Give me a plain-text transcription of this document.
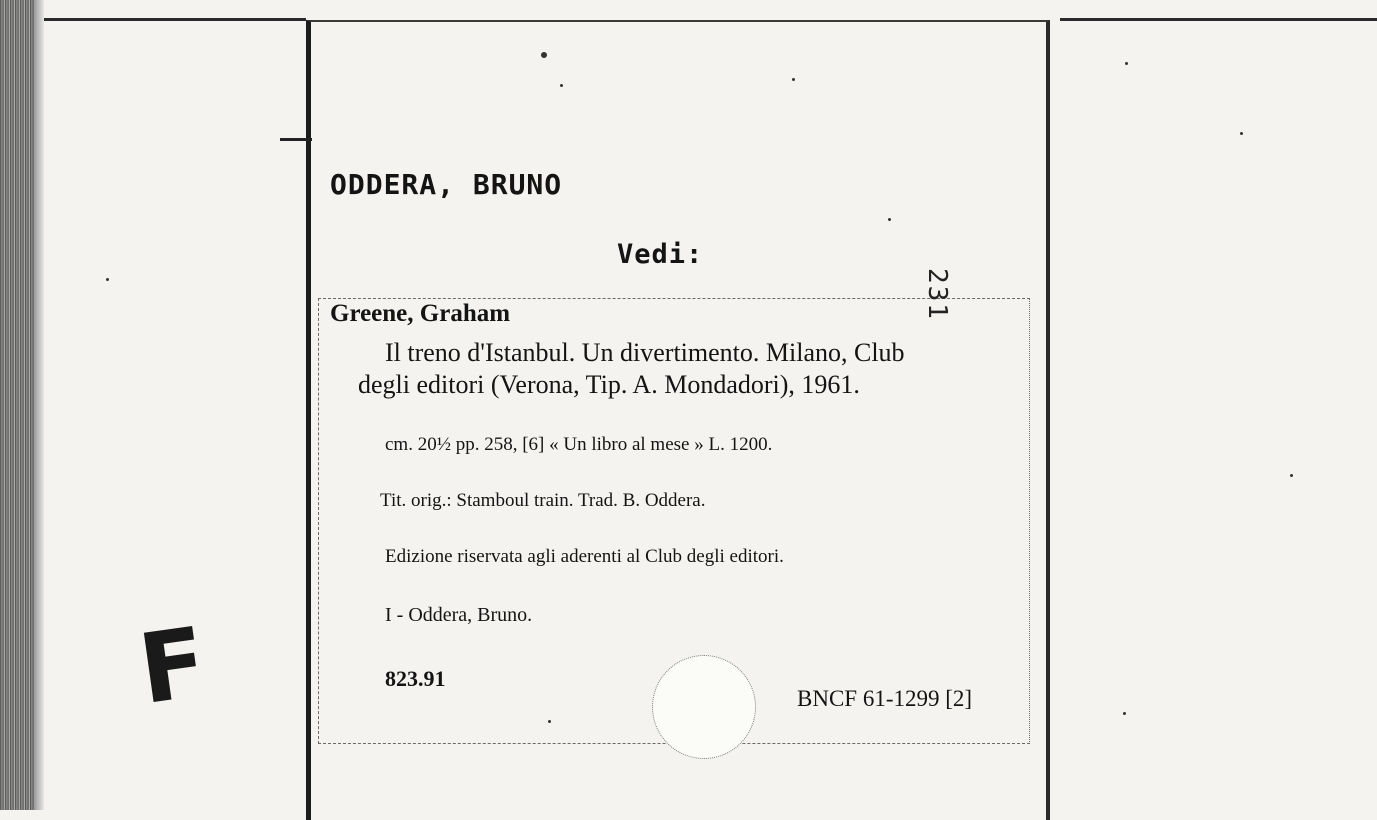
ODDERA, BRUNO
Vedi:
231
Greene, Graham
Il treno d'Istanbul. Un divertimento. Milano, Club
degli editori (Verona, Tip. A. Mondadori), 1961.
cm. 20½ pp. 258, [6] « Un libro al mese » L. 1200.
Tit. orig.: Stamboul train. Trad. B. Oddera.
Edizione riservata agli aderenti al Club degli editori.
I - Oddera, Bruno.
823.91
BNCF 61-1299 [2]
F
